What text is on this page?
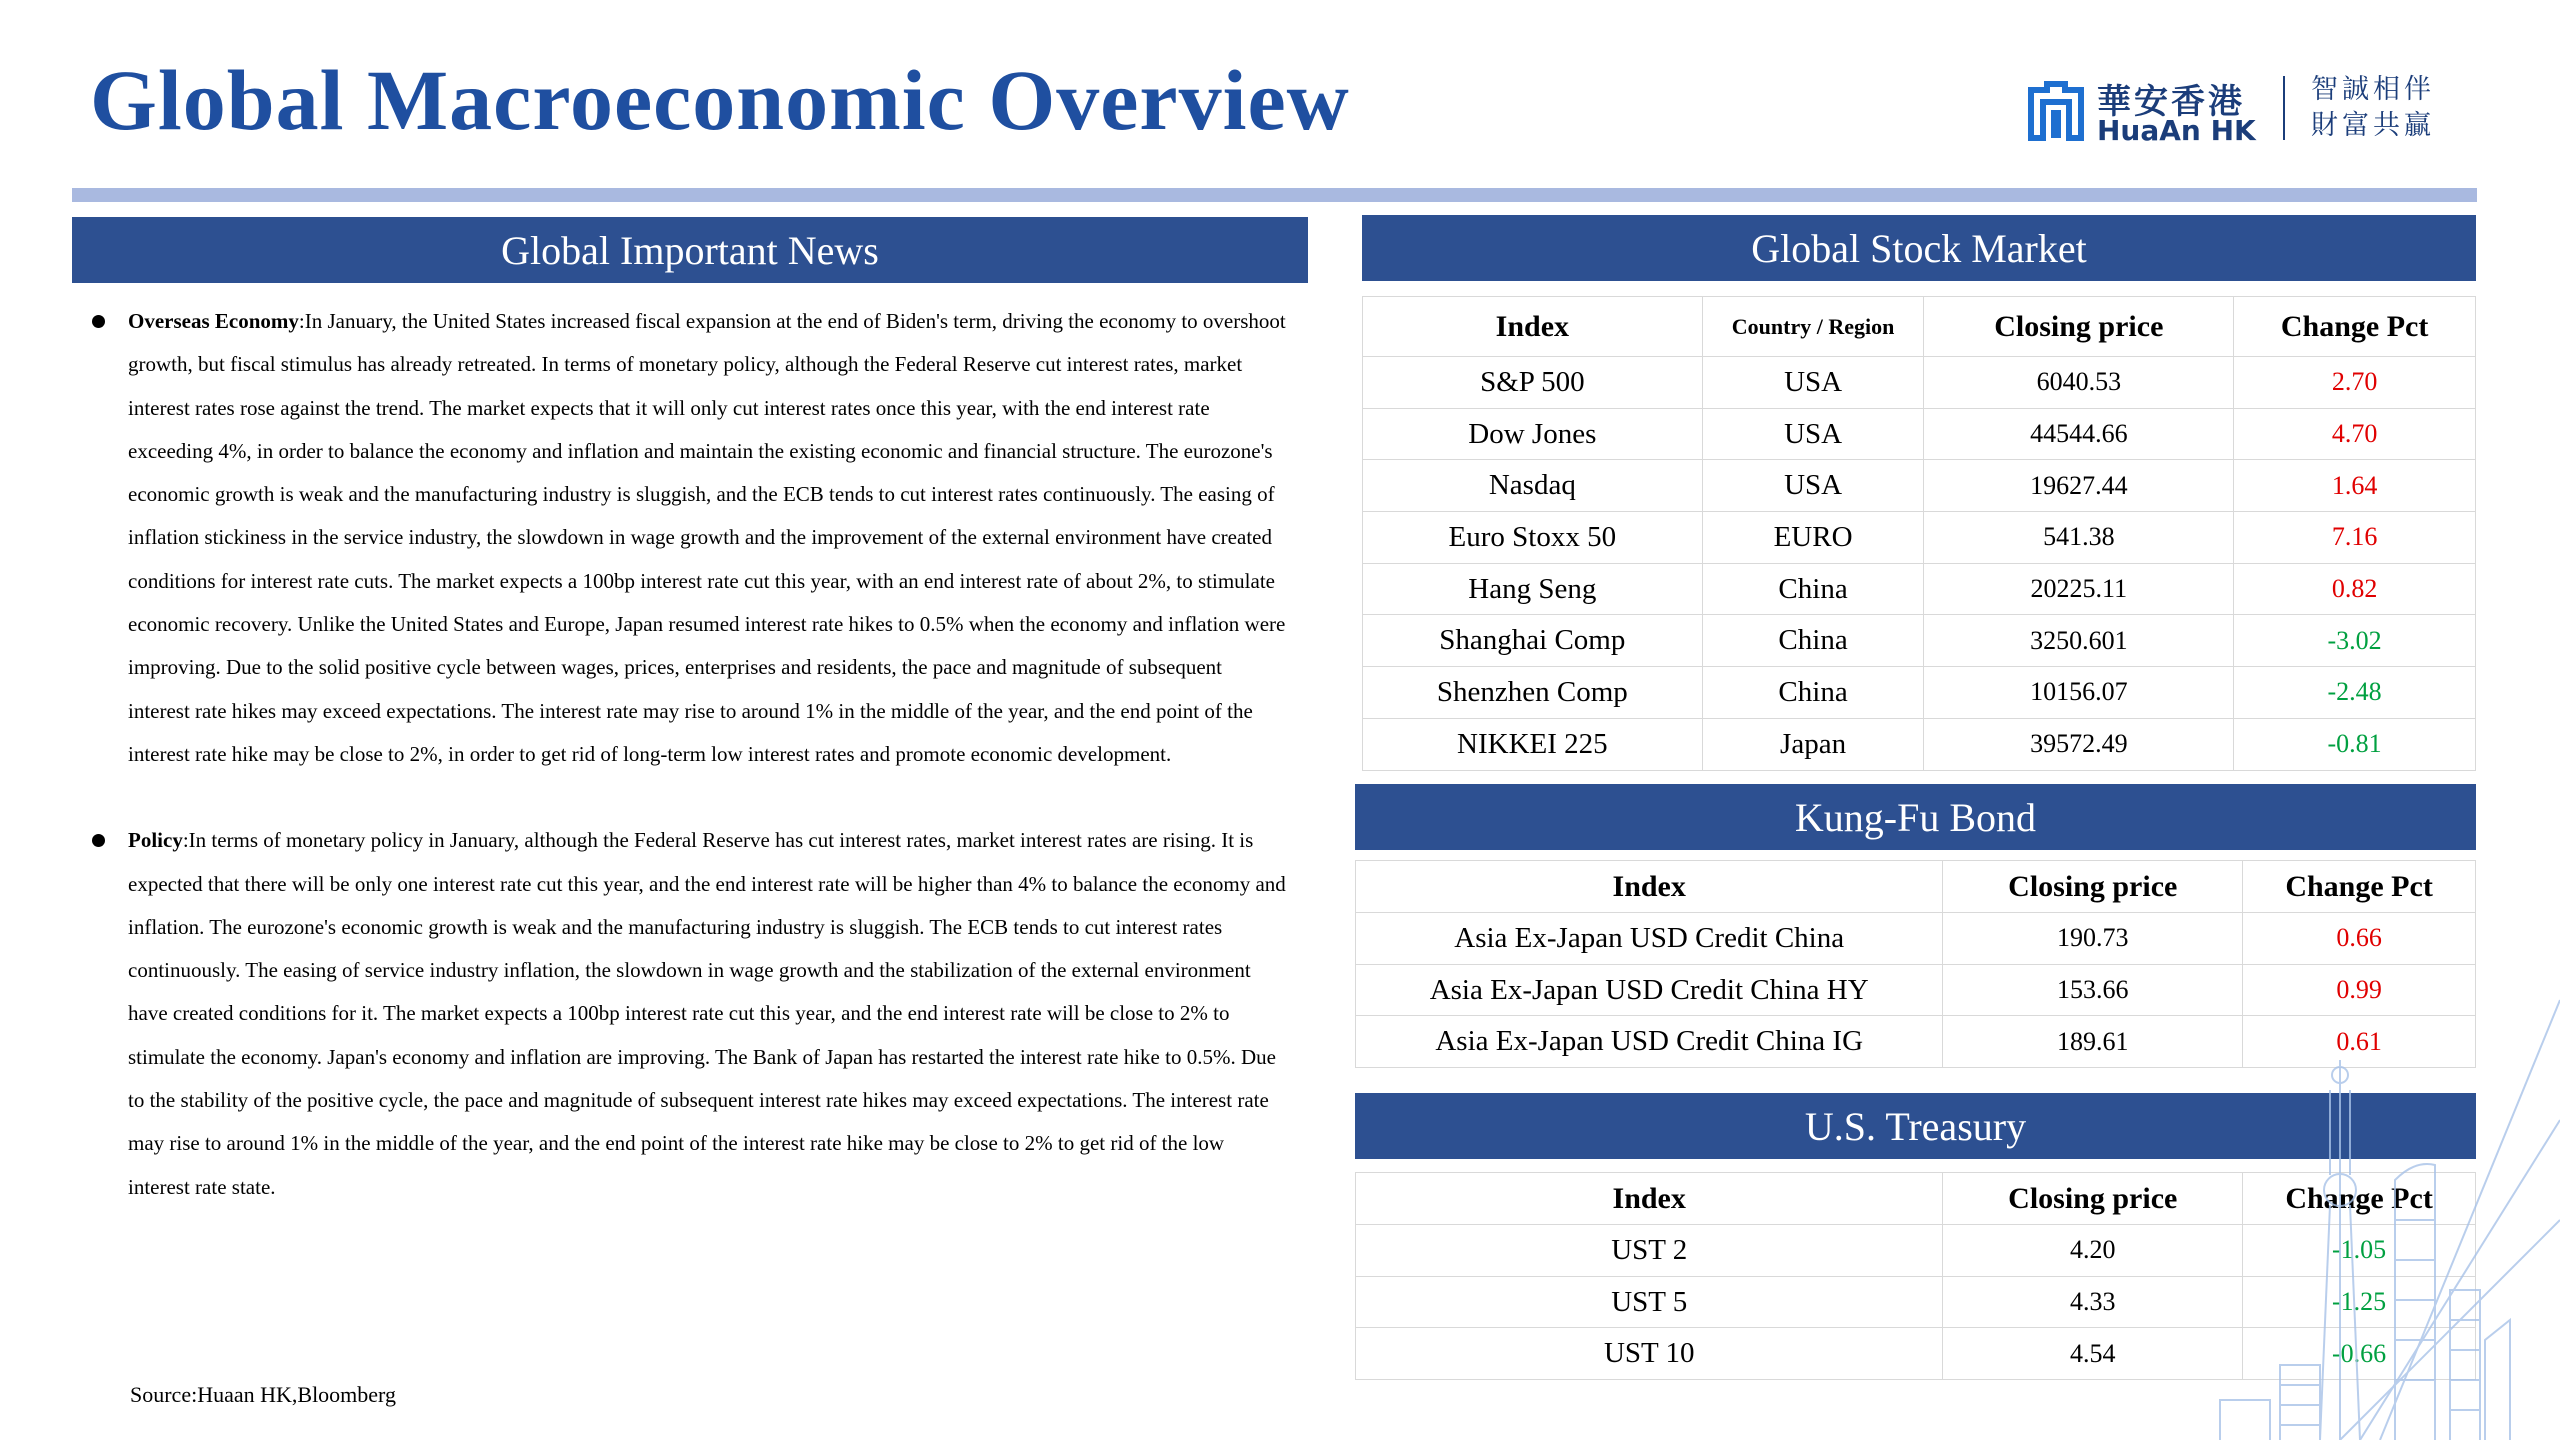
Global Macroeconomic Overview	華安香港
HuaAn HK
智誠相伴
財富共贏
Global Important News
Overseas Economy:In January, the United States increased fiscal expansion at the end of Biden's term, driving the economy to overshoot growth, but fiscal stimulus has already retreated. In terms of monetary policy, although the Federal Reserve cut interest rates, market interest rates rose against the trend. The market expects that it will only cut interest rates once this year, with the end interest rate exceeding 4%, in order to balance the economy and inflation and maintain the existing economic and financial structure. The eurozone's economic growth is weak and the manufacturing industry is sluggish, and the ECB tends to cut interest rates continuously. The easing of inflation stickiness in the service industry, the slowdown in wage growth and the improvement of the external environment have created conditions for interest rate cuts. The market expects a 100bp interest rate cut this year, with an end interest rate of about 2%, to stimulate economic recovery. Unlike the United States and Europe, Japan resumed interest rate hikes to 0.5% when the economy and inflation were improving. Due to the solid positive cycle between wages, prices, enterprises and residents, the pace and magnitude of subsequent interest rate hikes may exceed expectations. The interest rate may rise to around 1% in the middle of the year, and the end point of the interest rate hike may be close to 2%, in order to get rid of long-term low interest rates and promote economic development.
Policy:In terms of monetary policy in January, although the Federal Reserve has cut interest rates, market interest rates are rising. It is expected that there will be only one interest rate cut this year, and the end interest rate will be higher than 4% to balance the economy and inflation. The eurozone's economic growth is weak and the manufacturing industry is sluggish. The ECB tends to cut interest rates continuously. The easing of service industry inflation, the slowdown in wage growth and the stabilization of the external environment have created conditions for it. The market expects a 100bp interest rate cut this year, and the end interest rate will be close to 2% to stimulate the economy. Japan's economy and inflation are improving. The Bank of Japan has restarted the interest rate hike to 0.5%. Due to the stability of the positive cycle, the pace and magnitude of subsequent interest rate hikes may exceed expectations. The interest rate may rise to around 1% in the middle of the year, and the end point of the interest rate hike may be close to 2% to get rid of the low interest rate state.
Source:Huaan HK,Bloomberg
Global Stock Market
Index	Country / Region	Closing price	Change Pct
S&P 500	USA	6040.53	2.70
Dow Jones	USA	44544.66	4.70
Nasdaq	USA	19627.44	1.64
Euro Stoxx 50	EURO	541.38	7.16
Hang Seng	China	20225.11	0.82
Shanghai Comp	China	3250.601	-3.02
Shenzhen Comp	China	10156.07	-2.48
NIKKEI 225	Japan	39572.49	-0.81
Kung-Fu Bond
Index	Closing price	Change Pct
Asia Ex-Japan USD Credit China	190.73	0.66
Asia Ex-Japan USD Credit China HY	153.66	0.99
Asia Ex-Japan USD Credit China IG	189.61	0.61
U.S. Treasury
Index	Closing price	Change Pct
UST 2	4.20	-1.05
UST 5	4.33	-1.25
UST 10	4.54	-0.66
